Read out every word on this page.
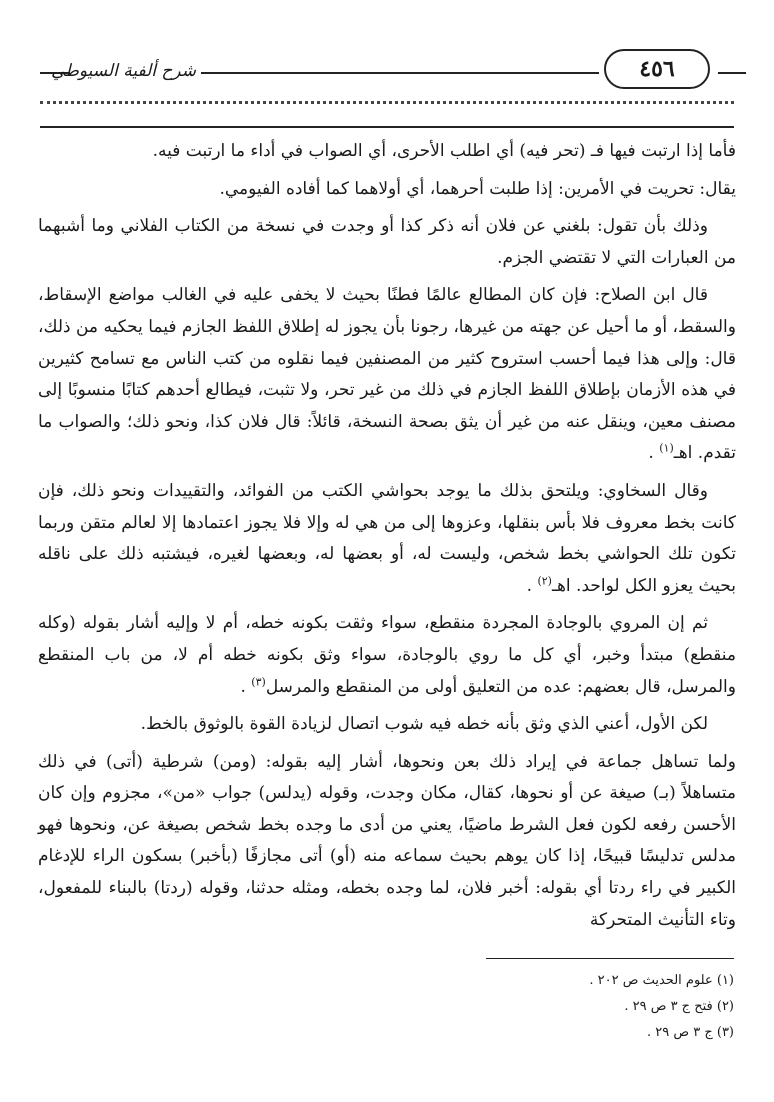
شرح ألفية السيوطي	٤٥٦

فأما إذا ارتبت فيها فـ (تحر فيه) أي اطلب الأحرى، أي الصواب في أداء ما ارتبت فيه.

يقال: تحريت في الأمرين: إذا طلبت أحرهما، أي أولاهما كما أفاده الفيومي.

وذلك بأن تقول: بلغني عن فلان أنه ذكر كذا أو وجدت في نسخة من الكتاب الفلاني وما أشبهما من العبارات التي لا تقتضي الجزم.

قال ابن الصلاح: فإن كان المطالع عالمًا فطنًا بحيث لا يخفى عليه في الغالب مواضع الإسقاط، والسقط، أو ما أحيل عن جهته من غيرها، رجونا بأن يجوز له إطلاق اللفظ الجازم فيما يحكيه من ذلك، قال: وإلى هذا فيما أحسب استروح كثير من المصنفين فيما نقلوه من كتب الناس مع تسامح كثيرين في هذه الأزمان بإطلاق اللفظ الجازم في ذلك من غير تحر، ولا تثبت، فيطالع أحدهم كتابًا منسوبًا إلى مصنف معين، وينقل عنه من غير أن يثق بصحة النسخة، قائلاً: قال فلان كذا، ونحو ذلك؛ والصواب ما تقدم. اهـ$^{(١)}$ .

وقال السخاوي: ويلتحق بذلك ما يوجد بحواشي الكتب من الفوائد، والتقييدات ونحو ذلك، فإن كانت بخط معروف فلا بأس بنقلها، وعزوها إلى من هي له وإلا فلا يجوز اعتمادها إلا لعالم متقن وربما تكون تلك الحواشي بخط شخص، وليست له، أو بعضها له، وبعضها لغيره، فيشتبه ذلك على ناقله بحيث يعزو الكل لواحد. اهـ$^{(٢)}$ .

ثم إن المروي بالوجادة المجردة منقطع، سواء وثقت بكونه خطه، أم لا وإليه أشار بقوله (وكله منقطع) مبتدأ وخبر، أي كل ما روي بالوجادة، سواء وثق بكونه خطه أم لا، من باب المنقطع والمرسل، قال بعضهم: عده من التعليق أولى من المنقطع والمرسل$^{(٣)}$ .

لكن الأول، أعني الذي وثق بأنه خطه فيه شوب اتصال لزيادة القوة بالوثوق بالخط.

ولما تساهل جماعة في إيراد ذلك بعن ونحوها، أشار إليه بقوله: (ومن) شرطية (أتى) في ذلك متساهلاً (بـ) صيغة عن أو نحوها، كقال، مكان وجدت، وقوله (يدلس) جواب «من»، مجزوم وإن كان الأحسن رفعه لكون فعل الشرط ماضيًا، يعني من أدى ما وجده بخط شخص بصيغة عن، ونحوها فهو مدلس تدليسًا قبيحًا، إذا كان يوهم بحيث سماعه منه (أو) أتى مجازفًا (بأخبر) بسكون الراء للإدغام الكبير في راء ردتا أي بقوله: أخبر فلان، لما وجده بخطه، ومثله حدثنا، وقوله (ردتا) بالبناء للمفعول، وتاء التأنيث المتحركة

(١) علوم الحديث ص ٢٠٢ .
(٢) فتح ج ٣ ص ٢٩ .
(٣) ج ٣ ص ٢٩ .
